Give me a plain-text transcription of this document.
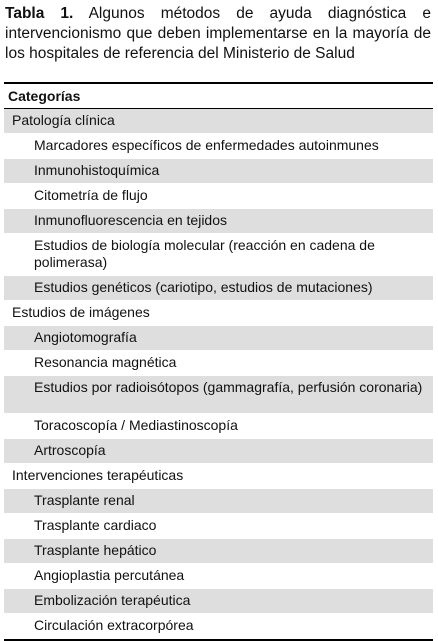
Tabla 1. Algunos métodos de ayuda diagnóstica e intervencionismo que deben implementarse en la mayoría de los hospitales de referencia del Ministerio de Salud
Categorías
Patología clínica
Marcadores específicos de enfermedades autoinmunes
Inmunohistoquímica
Citometría de flujo
Inmunofluorescencia en tejidos
Estudios de biología molecular (reacción en cadena de polimerasa)
Estudios genéticos (cariotipo, estudios de mutaciones)
Estudios de imágenes
Angiotomografía
Resonancia magnética
Estudios por radioisótopos (gammagrafía, perfusión coronaria)
Toracoscopía / Mediastinoscopía
Artroscopía
Intervenciones terapéuticas
Trasplante renal
Trasplante cardiaco
Trasplante hepático
Angioplastia percutánea
Embolización terapéutica
Circulación extracorpórea
